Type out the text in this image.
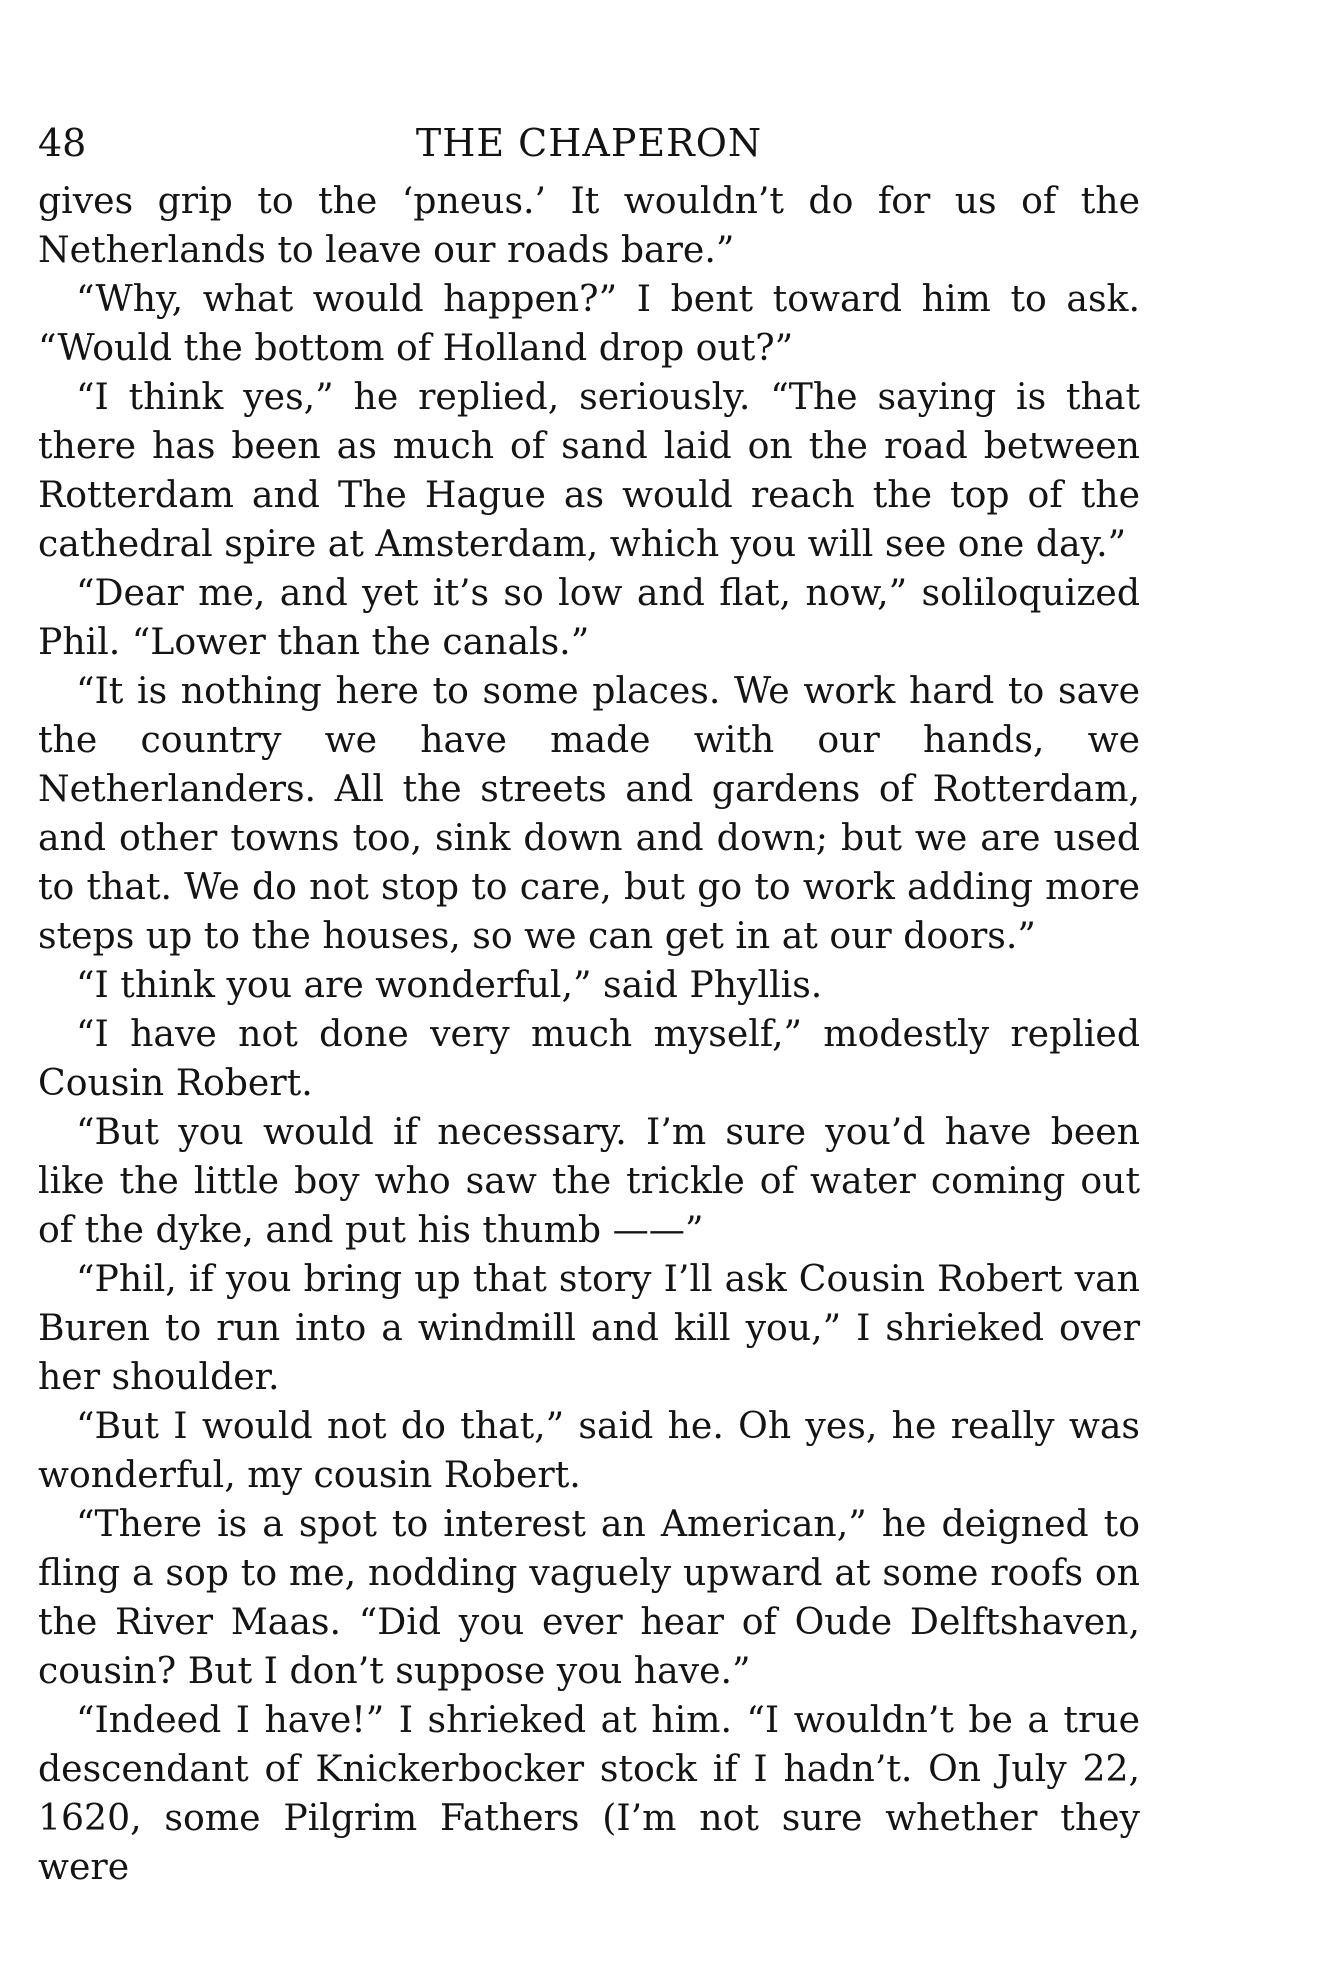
48	THE CHAPERON

gives grip to the ‘pneus.’ It wouldn’t do for us of the Netherlands to leave our roads bare.”

“Why, what would happen?” I bent toward him to ask. “Would the bottom of Holland drop out?”

“I think yes,” he replied, seriously. “The saying is that there has been as much of sand laid on the road between Rotterdam and The Hague as would reach the top of the cathedral spire at Amsterdam, which you will see one day.”

“Dear me, and yet it’s so low and flat, now,” soliloquized Phil. “Lower than the canals.”

“It is nothing here to some places. We work hard to save the country we have made with our hands, we Netherlanders. All the streets and gardens of Rotterdam, and other towns too, sink down and down; but we are used to that. We do not stop to care, but go to work adding more steps up to the houses, so we can get in at our doors.”

“I think you are wonderful,” said Phyllis.

“I have not done very much myself,” modestly replied Cousin Robert.

“But you would if necessary. I’m sure you’d have been like the little boy who saw the trickle of water coming out of the dyke, and put his thumb ——”

“Phil, if you bring up that story I’ll ask Cousin Robert van Buren to run into a windmill and kill you,” I shrieked over her shoulder.

“But I would not do that,” said he. Oh yes, he really was wonderful, my cousin Robert.

“There is a spot to interest an American,” he deigned to fling a sop to me, nodding vaguely upward at some roofs on the River Maas. “Did you ever hear of Oude Delftshaven, cousin? But I don’t suppose you have.”

“Indeed I have!” I shrieked at him. “I wouldn’t be a true descendant of Knickerbocker stock if I hadn’t. On July 22, 1620, some Pilgrim Fathers (I’m not sure whether they were
